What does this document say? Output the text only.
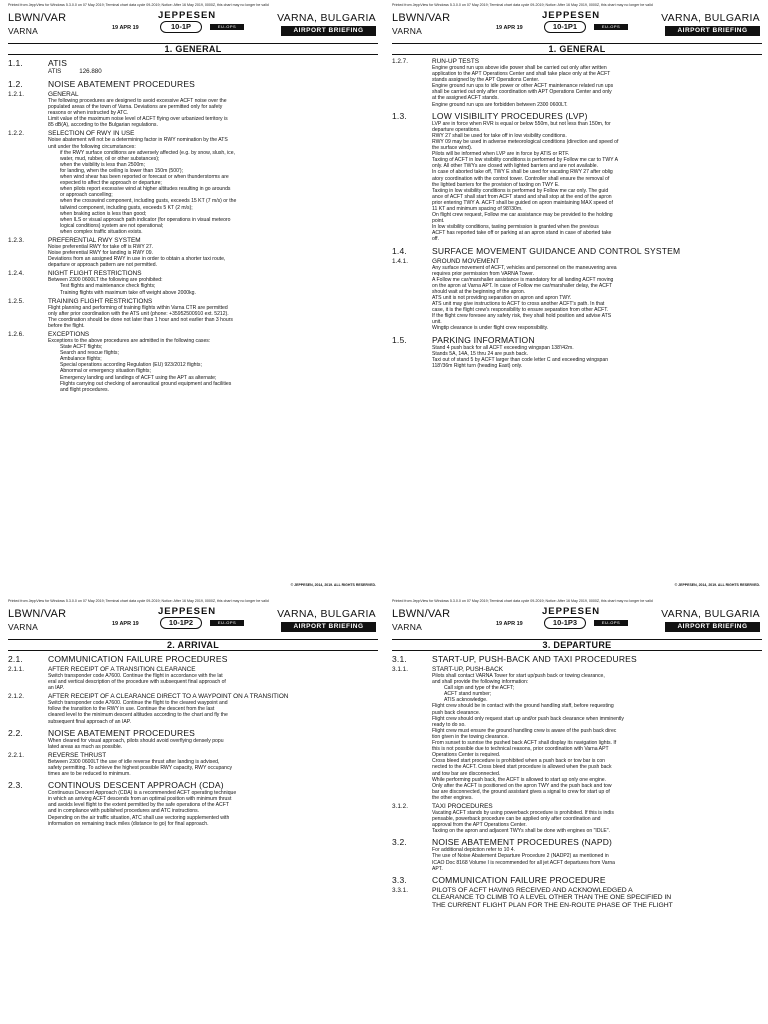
Printed from JeppView for Windows 5.3.0.0 on 07 May 2019; Terminal chart data cycle 09-2019; Notice: After 16 May 2019, 0000Z, this chart may no longer be valid
LBWN/VAR
VARNA
JEPPESEN
19 APR 19	10-1P	EU-OPS
VARNA, BULGARIA
AIRPORT BRIEFING
1. GENERAL
1.1.	ATIS
ATIS	126.880
1.2.	NOISE ABATEMENT PROCEDURES
1.2.1.	GENERAL
The following procedures are designed to avoid excessive ACFT noise over the
populated areas of the town of Varna. Deviations are permitted only for safety
reasons or when instructed by ATC.
Limit value of the maximum noise level of ACFT flying over urbanized territory is
85 dB(A), according to the Bulgarian regulations.
1.2.2.	SELECTION OF RWY IN USE
Noise abatement will not be a determining factor in RWY nomination by the ATS
unit under the following circumstances:
if the RWY surface conditions are adversely affected (e.g. by snow, slush, ice,
water, mud, rubber, oil or other substances);
when the visibility is less than 2500m;
for landing, when the ceiling is lower than 150m (500');
when wind shear has been reported or forecast or when thunderstorms are
expected to affect the approach or departure;
when pilots report excessive wind at higher altitudes resulting in go arounds
or approach cancelling;
when the crosswind component, including gusts, exceeds 15 KT (7 m/s) or the
tailwind component, including gusts, exceeds 5 KT (2 m/s);
when braking action is less than good;
when ILS or visual approach path indicator (for operations in visual meteoro
logical conditions) system are not operational;
when complex traffic situation exists.
1.2.3.	PREFERENTIAL RWY SYSTEM
Noise preferential RWY for take off is RWY 27.
Noise preferential RWY for landing is RWY 09.
Deviations from an assigned RWY in use in order to obtain a shorter taxi route,
departure or approach pattern are not permitted.
1.2.4.	NIGHT FLIGHT RESTRICTIONS
Between 2300 0600LT the following are prohibited:
Test flights and maintenance check flights;
Training flights with maximum take off weight above 2000kg.
1.2.5.	TRAINING FLIGHT RESTRICTIONS
Flight planning and performing of training flights within Varna CTR are permitted
only after prior coordination with the ATS unit (phone: +35952500910 ext. 5212).
The coordination should be done not later than 1 hour and not earlier than 3 hours
before the flight.
1.2.6.	EXCEPTIONS
Exceptions to the above procedures are admitted in the following cases:
State ACFT flights;
Search and rescue flights;
Ambulance flights;
Special operations according Regulation (EU) 923/2012 flights;
Abnormal or emergency situation flights;
Emergency landing and landings of ACFT using the APT as alternate;
Flights carrying out checking of aeronautical ground equipment and facilities
and flight procedures.
© JEPPESEN, 2014, 2019. ALL RIGHTS RESERVED.
Printed from JeppView for Windows 5.3.0.0 on 07 May 2019; Terminal chart data cycle 09-2019; Notice: After 16 May 2019, 0000Z, this chart may no longer be valid
LBWN/VAR
VARNA
JEPPESEN
19 APR 19	10-1P1	EU-OPS
VARNA, BULGARIA
AIRPORT BRIEFING
1. GENERAL
1.2.7.	RUN-UP TESTS
Engine ground run ups above idle power shall be carried out only after written
application to the APT Operations Center and shall take place only at the ACFT
stands assigned by the APT Operations Center.
Engine ground run ups to idle power or other ACFT maintenance related run ups
shall be carried out only after coordination with APT Operations Center and only
at the assigned ACFT stands.
Engine ground run ups are forbidden between 2300 0600LT.
1.3.	LOW VISIBILITY PROCEDURES (LVP)
LVP are in force when RVR is equal or below 550m, but not less than 150m, for
departure operations.
RWY 27 shall be used for take off in low visibility conditions.
RWY 09 may be used in adverse meteorological conditions (direction and speed of
the surface wind).
Pilots will be informed when LVP are in force by ATIS or RTF.
Taxiing of ACFT in low visibility conditions is performed by Follow me car to TWY A
only. All other TWYs are closed with lighted barriers and are not available.
In case of aborted take off, TWY E shall be used for vacating RWY 27 after oblig
atory coordination with the control tower. Controller shall ensure the removal of
the lighted barriers for the provision of taxiing on TWY E.
Taxiing in low visibility conditions is performed by Follow me car only. The guid
ance of ACFT shall start from ACFT stand and shall stop at the end of the apron
prior entering TWY A. ACFT shall be guided on apron maintaining MAX speed of
11 KT and minimum spacing of 98'/30m.
On flight crew request, Follow me car assistance may be provided to the holding
point.
In low visibility conditions, taxiing permission is granted when the previous
ACFT has reported take off or parking at an apron stand in case of aborted take
off.
1.4.	SURFACE MOVEMENT GUIDANCE AND CONTROL SYSTEM
1.4.1.	GROUND MOVEMENT
Any surface movement of ACFT, vehicles and personnel on the maneuvering area
requires prior permission from VARNA Tower.
A Follow me car/marshaller assistance is mandatory for all landing ACFT moving
on the apron at Varna APT. In case of Follow me car/marshaller delay, the ACFT
should wait at the beginning of the apron.
ATS unit is not providing separation on apron and apron TWY.
ATS unit may give instructions to ACFT to cross another ACFT's path. In that
case, it is the flight crew's responsibility to ensure separation from other ACFT.
If the flight crew foresee any safety risk, they shall hold position and advise ATS
unit.
Wingtip clearance is under flight crew responsibility.
1.5.	PARKING INFORMATION
Stand 4 push back for all ACFT exceeding wingspan 138'/42m.
Stands 5A, 14A, 15 thru 24 are push back.
Taxi out of stand 5 by ACFT larger than code letter C and exceeding wingspan
118'/36m Right turn (heading East) only.
© JEPPESEN, 2014, 2019. ALL RIGHTS RESERVED.
Printed from JeppView for Windows 5.3.0.0 on 07 May 2019; Terminal chart data cycle 09-2019; Notice: After 16 May 2019, 0000Z, this chart may no longer be valid
LBWN/VAR
VARNA
JEPPESEN
19 APR 19	10-1P2	EU-OPS
VARNA, BULGARIA
AIRPORT BRIEFING
2. ARRIVAL
2.1.	COMMUNICATION FAILURE PROCEDURES
2.1.1.	AFTER RECEIPT OF A TRANSITION CLEARANCE
Switch transponder code A7600. Continue the flight in accordance with the lat
eral and vertical description of the procedure with subsequent final approach of
an IAP.
2.1.2.	AFTER RECEIPT OF A CLEARANCE DIRECT TO A WAYPOINT ON A TRANSITION
Switch transponder code A7600. Continue the flight to the cleared waypoint and
follow the transition to the RWY in use. Continue the descent from the last
cleared level to the minimum descent altitudes according to the chart and fly the
subsequent final approach of an IAP.
2.2.	NOISE ABATEMENT PROCEDURES
When cleared for visual approach, pilots should avoid overflying densely popu
lated areas as much as possible.
2.2.1.	REVERSE THRUST
Between 2300 0600LT the use of idle reverse thrust after landing is advised,
safety permitting. To achieve the highest possible RWY capacity, RWY occupancy
times are to be reduced to minimum.
2.3.	CONTINOUS DESCENT APPROACH (CDA)
Continuous Descent Approach (CDA) is a recommended ACFT operating technique
in which an arriving ACFT descends from an optimal position with minimum thrust
and avoids level flight to the extent permitted by the safe operations of the ACFT
and in compliance with published procedures and ATC instructions.
Depending on the air traffic situation, ATC shall use vectoring supplemented with
information on remaining track miles (distance to go) for final approach.
Printed from JeppView for Windows 5.3.0.0 on 07 May 2019; Terminal chart data cycle 09-2019; Notice: After 16 May 2019, 0000Z, this chart may no longer be valid
LBWN/VAR
VARNA
JEPPESEN
19 APR 19	10-1P3	EU-OPS
VARNA, BULGARIA
AIRPORT BRIEFING
3. DEPARTURE
3.1.	START-UP, PUSH-BACK AND TAXI PROCEDURES
3.1.1.	START-UP, PUSH-BACK
Pilots shall contact VARNA Tower for start up/push back or towing clearance,
and shall provide the following information:
Call sign and type of the ACFT;
ACFT stand number;
ATIS acknowledge.
Flight crew should be in contact with the ground handling staff, before requesting
push back clearance.
Flight crew should only request start up and/or push back clearance when imminently
ready to do so.
Flight crew must ensure the ground handling crew is aware of the push back direc
tion given in the towing clearance.
From sunset to sunrise the pushed back ACFT shall display its navigation lights. If
this is not possible due to technical reasons, prior coordination with Varna APT
Operations Center is required.
Cross bleed start procedure is prohibited when a push back or tow bar is con
nected to the ACFT. Cross bleed start procedure is allowed when the push back
and tow bar are disconnected.
While performing push back, the ACFT is allowed to start up only one engine.
Only after the ACFT is positioned on the apron TWY and the push back and tow
bar are disconnected, the ground assistant gives a signal to crew for start up of
the other engines.
3.1.2.	TAXI PROCEDURES
Vacating ACFT stands by using powerback procedure is prohibited. If this is indis
pensable, powerback procedure can be applied only after coordination and
approval from the APT Operations Center.
Taxiing on the apron and adjacent TWYs shall be done with engines on "IDLE".
3.2.	NOISE ABATEMENT PROCEDURES (NAPD)
For additional depiction refer to 10 4.
The use of Noise Abatement Departure Procedure 2 (NADP2) as mentioned in
ICAO Doc 8168 Volume I is recommended for all jet ACFT departures from Varna
APT.
3.3.	COMMUNICATION FAILURE PROCEDURE
3.3.1.	PILOTS OF ACFT HAVING RECEIVED AND ACKNOWLEDGED A
CLEARANCE TO CLIMB TO A LEVEL OTHER THAN THE ONE SPECIFIED IN
THE CURRENT FLIGHT PLAN FOR THE EN-ROUTE PHASE OF THE FLIGHT
